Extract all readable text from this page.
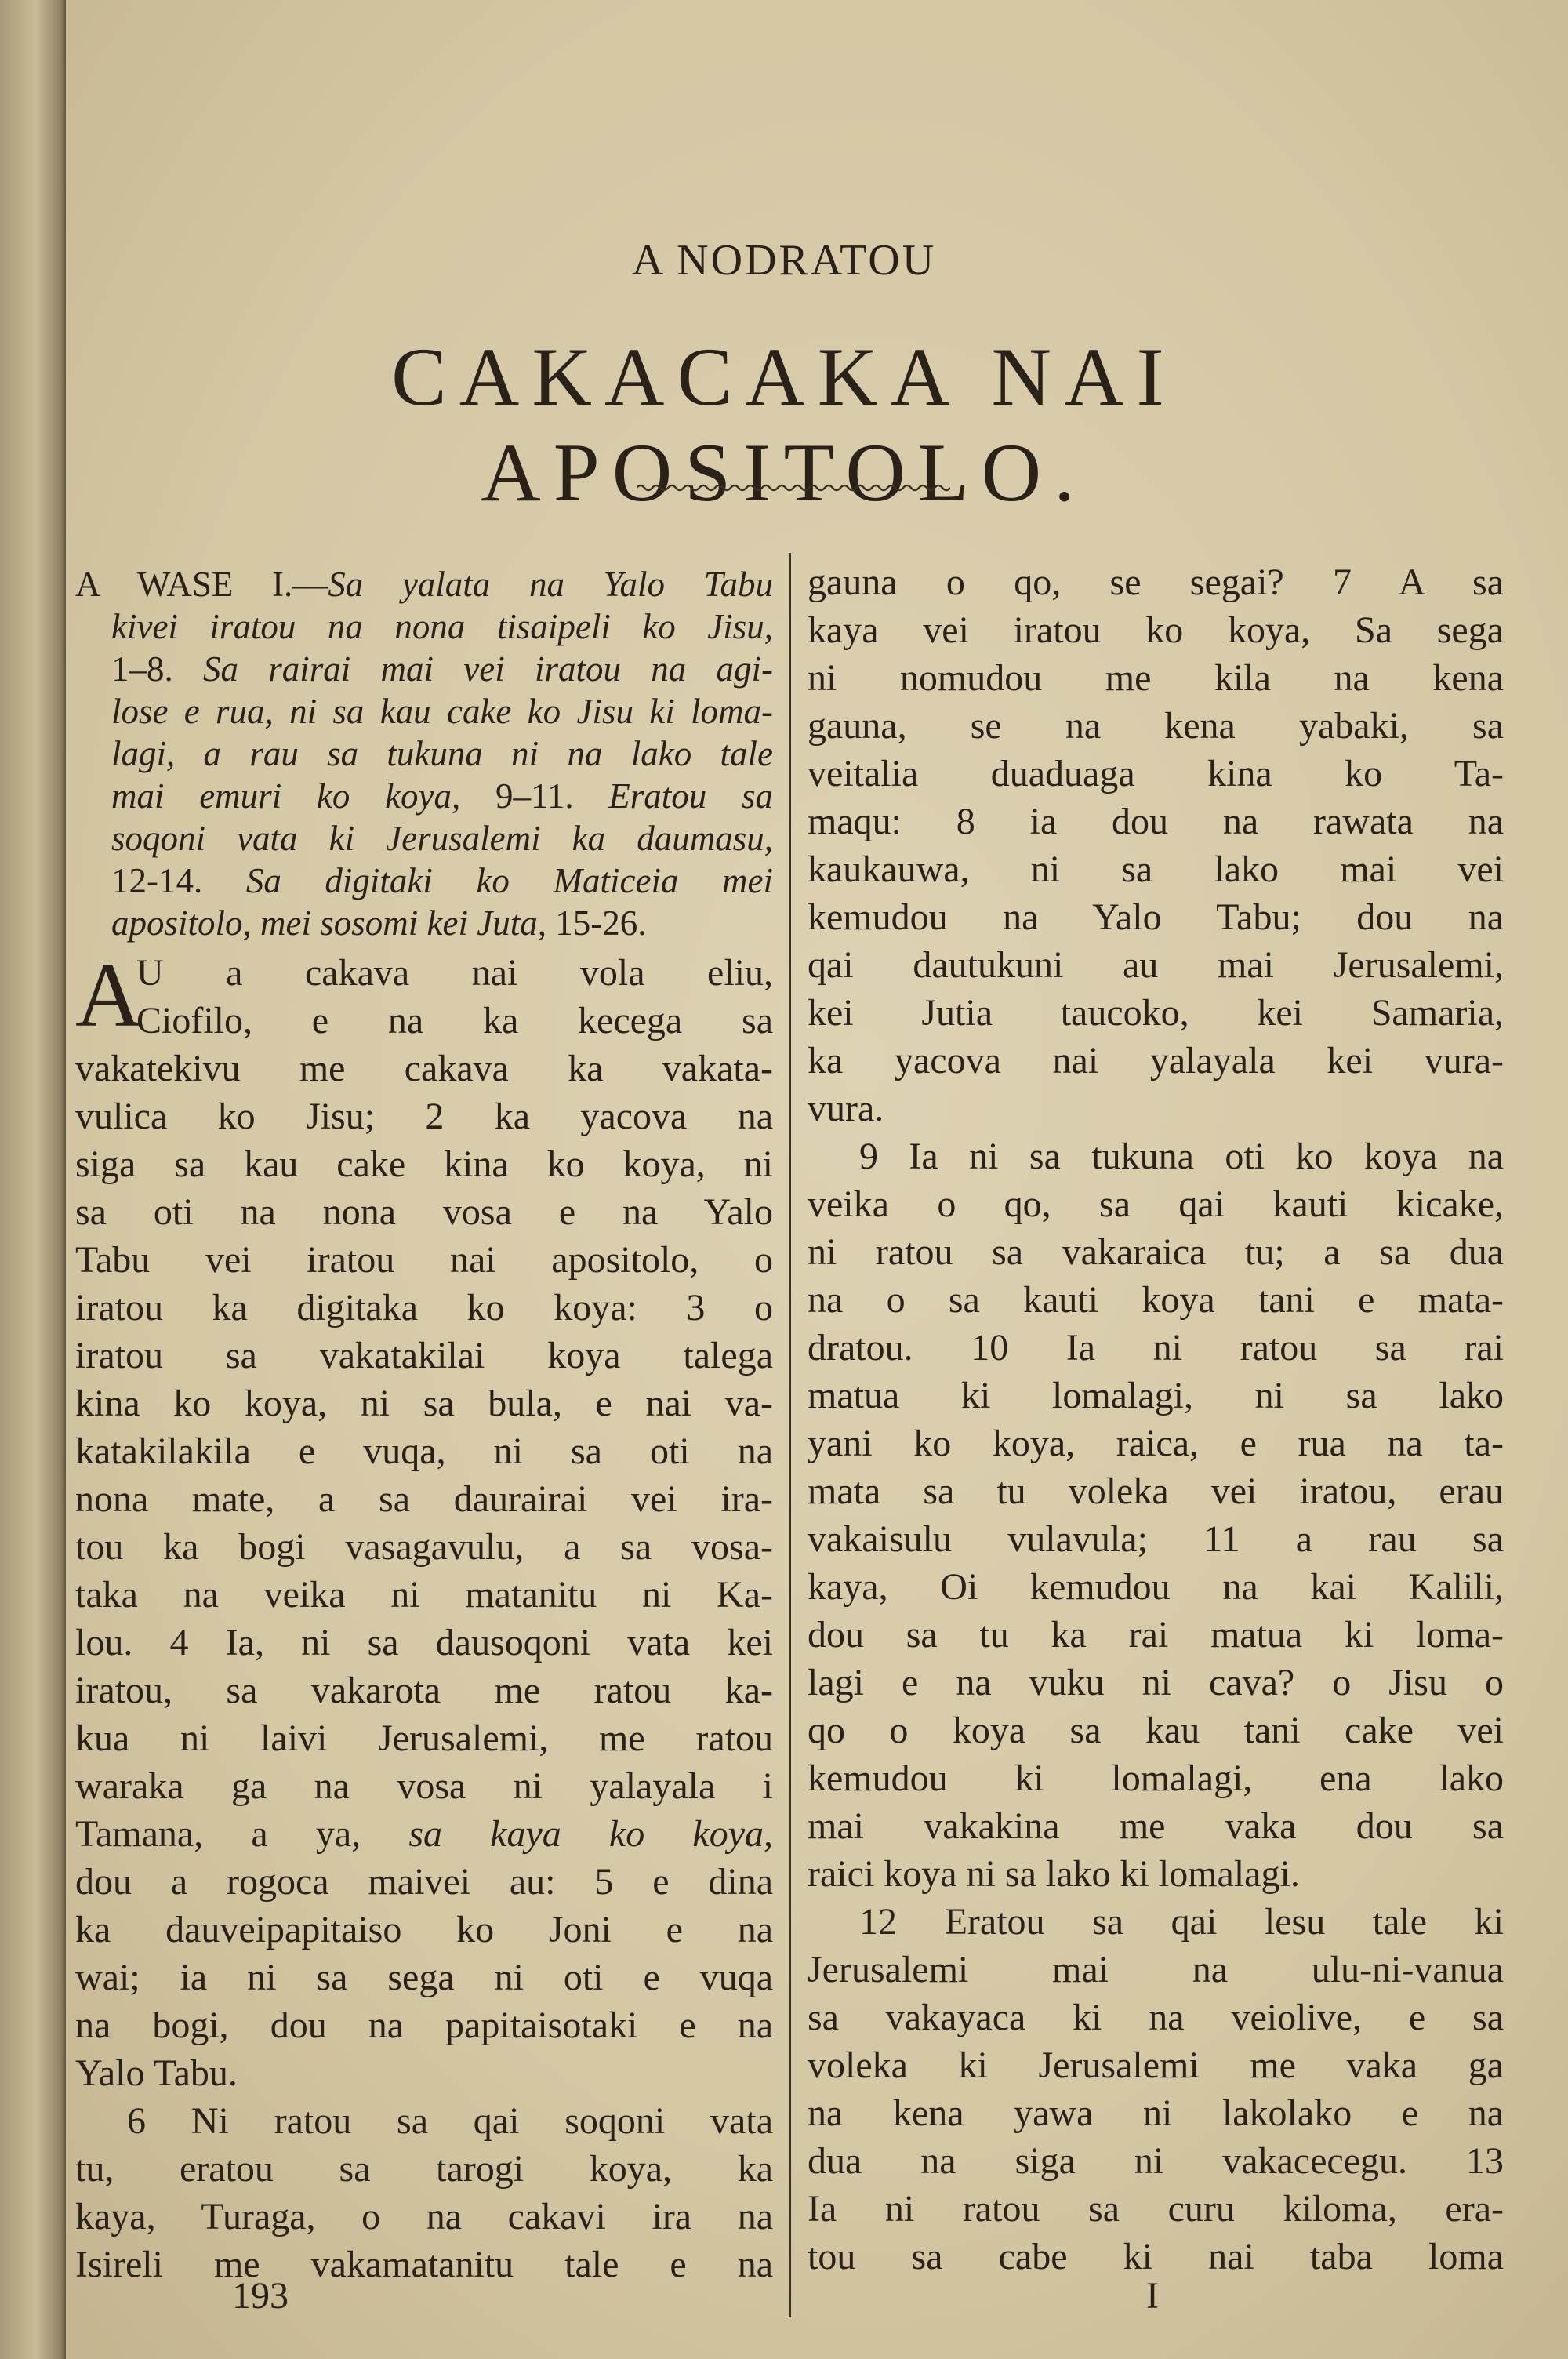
A NODRATOU
CAKACAKA NAI APOSITOLO.
A WASE I.—Sa yalata na Yalo Tabu
kivei iratou na nona tisaipeli ko Jisu,
1–8. Sa rairai mai vei iratou na agi-
lose e rua, ni sa kau cake ko Jisu ki loma-
lagi, a rau sa tukuna ni na lako tale
mai emuri ko koya, 9–11. Eratou sa
soqoni vata ki Jerusalemi ka daumasu,
12-14. Sa digitaki ko Maticeia mei
apositolo, mei sosomi kei Juta, 15-26.
A
U a cakava nai vola eliu,
Ciofilo, e na ka kecega sa
vakatekivu me cakava ka vakata-
vulica ko Jisu; 2 ka yacova na
siga sa kau cake kina ko koya, ni
sa oti na nona vosa e na Yalo
Tabu vei iratou nai apositolo, o
iratou ka digitaka ko koya: 3 o
iratou sa vakatakilai koya talega
kina ko koya, ni sa bula, e nai va-
katakilakila e vuqa, ni sa oti na
nona mate, a sa daurairai vei ira-
tou ka bogi vasagavulu, a sa vosa-
taka na veika ni matanitu ni Ka-
lou. 4 Ia, ni sa dausoqoni vata kei
iratou, sa vakarota me ratou ka-
kua ni laivi Jerusalemi, me ratou
waraka ga na vosa ni yalayala i
Tamana, a ya, sa kaya ko koya,
dou a rogoca maivei au: 5 e dina
ka dauveipapitaiso ko Joni e na
wai; ia ni sa sega ni oti e vuqa
na bogi, dou na papitaisotaki e na
Yalo Tabu.
6 Ni ratou sa qai soqoni vata
tu, eratou sa tarogi koya, ka
kaya, Turaga, o na cakavi ira na
Isireli me vakamatanitu tale e na
gauna o qo, se segai? 7 A sa
kaya vei iratou ko koya, Sa sega
ni nomudou me kila na kena
gauna, se na kena yabaki, sa
veitalia duaduaga kina ko Ta-
maqu: 8 ia dou na rawata na
kaukauwa, ni sa lako mai vei
kemudou na Yalo Tabu; dou na
qai dautukuni au mai Jerusalemi,
kei Jutia taucoko, kei Samaria,
ka yacova nai yalayala kei vura-
vura.
9 Ia ni sa tukuna oti ko koya na
veika o qo, sa qai kauti kicake,
ni ratou sa vakaraica tu; a sa dua
na o sa kauti koya tani e mata-
dratou. 10 Ia ni ratou sa rai
matua ki lomalagi, ni sa lako
yani ko koya, raica, e rua na ta-
mata sa tu voleka vei iratou, erau
vakaisulu vulavula; 11 a rau sa
kaya, Oi kemudou na kai Kalili,
dou sa tu ka rai matua ki loma-
lagi e na vuku ni cava? o Jisu o
qo o koya sa kau tani cake vei
kemudou ki lomalagi, ena lako
mai vakakina me vaka dou sa
raici koya ni sa lako ki lomalagi.
12 Eratou sa qai lesu tale ki
Jerusalemi mai na ulu-ni-vanua
sa vakayaca ki na veiolive, e sa
voleka ki Jerusalemi me vaka ga
na kena yawa ni lakolako e na
dua na siga ni vakacecegu. 13
Ia ni ratou sa curu kiloma, era-
tou sa cabe ki nai taba loma
193	I
